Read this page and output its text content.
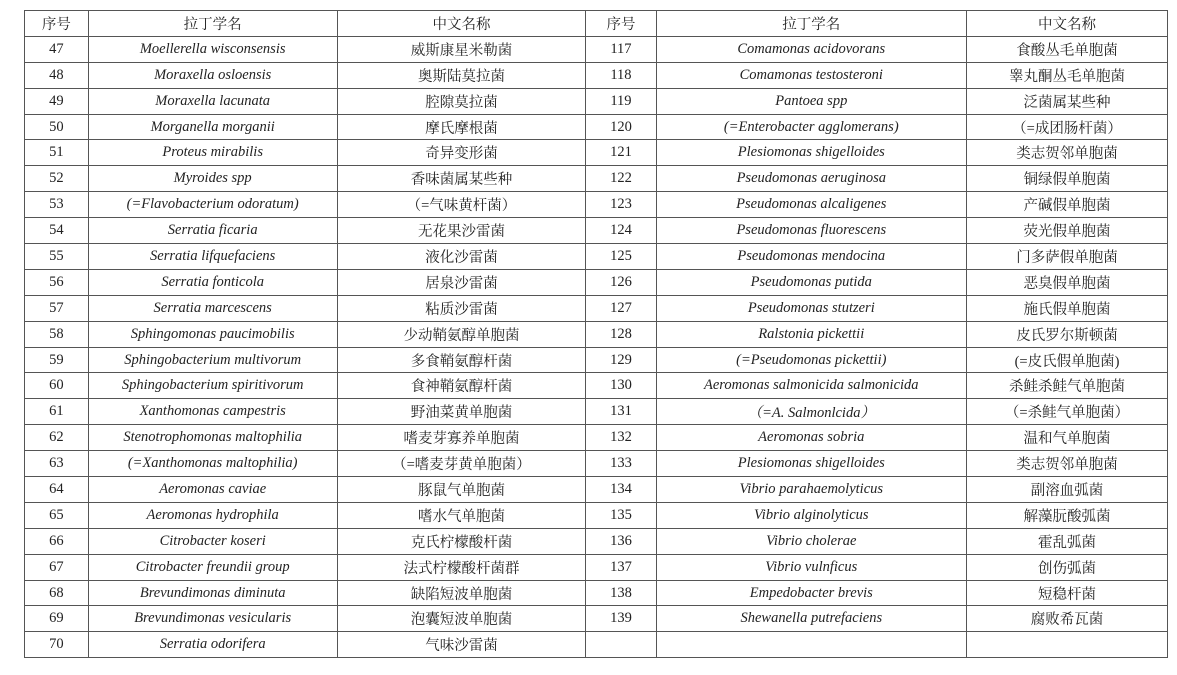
序号	拉丁学名	中文名称	序号	拉丁学名	中文名称
47	Moellerella wisconsensis	威斯康星米勒菌	117	Comamonas acidovorans	食酸丛毛单胞菌
48	Moraxella osloensis	奥斯陆莫拉菌	118	Comamonas testosteroni	睾丸酮丛毛单胞菌
49	Moraxella lacunata	腔隙莫拉菌	119	Pantoea spp	泛菌属某些种
50	Morganella morganii	摩氏摩根菌	120	(=Enterobacter agglomerans)	（=成团肠杆菌）
51	Proteus mirabilis	奇异变形菌	121	Plesiomonas shigelloides	类志贺邻单胞菌
52	Myroides spp	香味菌属某些种	122	Pseudomonas aeruginosa	铜绿假单胞菌
53	(=Flavobacterium odoratum)	（=气味黄杆菌）	123	Pseudomonas alcaligenes	产碱假单胞菌
54	Serratia ficaria	无花果沙雷菌	124	Pseudomonas fluorescens	荧光假单胞菌
55	Serratia lifquefaciens	液化沙雷菌	125	Pseudomonas mendocina	门多萨假单胞菌
56	Serratia fonticola	居泉沙雷菌	126	Pseudomonas putida	恶臭假单胞菌
57	Serratia marcescens	粘质沙雷菌	127	Pseudomonas stutzeri	施氏假单胞菌
58	Sphingomonas paucimobilis	少动鞘氨醇单胞菌	128	Ralstonia pickettii	皮氏罗尔斯顿菌
59	Sphingobacterium multivorum	多食鞘氨醇杆菌	129	(=Pseudomonas pickettii)	(=皮氏假单胞菌)
60	Sphingobacterium spiritivorum	食神鞘氨醇杆菌	130	Aeromonas salmonicida salmonicida	杀鲑杀鲑气单胞菌
61	Xanthomonas campestris	野油菜黄单胞菌	131	（=A. Salmonlcida）	（=杀鲑气单胞菌）
62	Stenotrophomonas maltophilia	嗜麦芽寡养单胞菌	132	Aeromonas sobria	温和气单胞菌
63	(=Xanthomonas maltophilia)	（=嗜麦芽黄单胞菌）	133	Plesiomonas shigelloides	类志贺邻单胞菌
64	Aeromonas caviae	豚鼠气单胞菌	134	Vibrio parahaemolyticus	副溶血弧菌
65	Aeromonas hydrophila	嗜水气单胞菌	135	Vibrio alginolyticus	解藻朊酸弧菌
66	Citrobacter koseri	克氏柠檬酸杆菌	136	Vibrio cholerae	霍乱弧菌
67	Citrobacter freundii group	法式柠檬酸杆菌群	137	Vibrio vulnficus	创伤弧菌
68	Brevundimonas diminuta	缺陷短波单胞菌	138	Empedobacter brevis	短稳杆菌
69	Brevundimonas vesicularis	泡囊短波单胞菌	139	Shewanella putrefaciens	腐败希瓦菌
70	Serratia odorifera	气味沙雷菌			
